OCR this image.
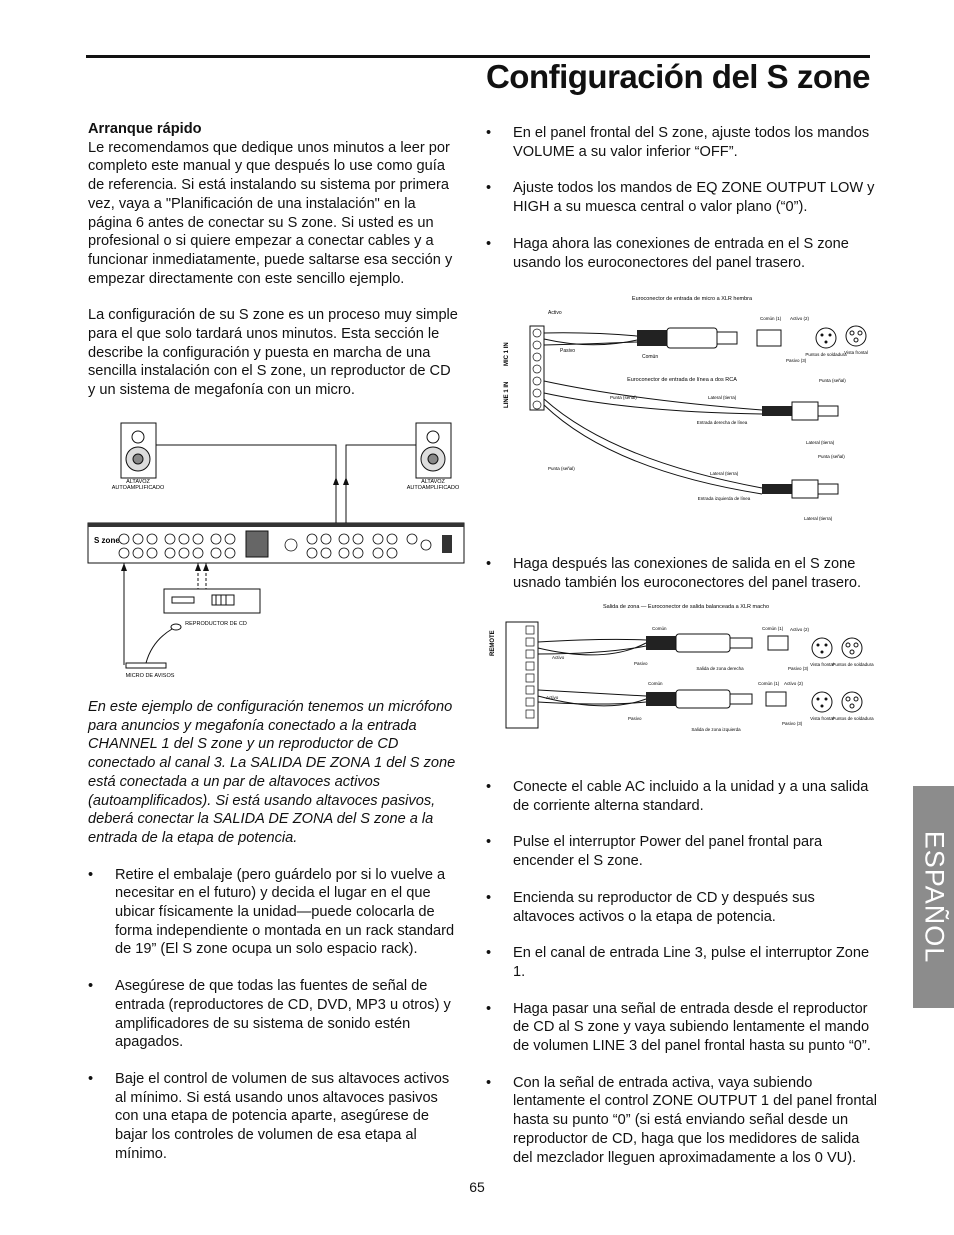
Configuración del S zone

Arranque rápido

Le recomendamos que dedique unos minutos a leer por completo este manual y que después lo use como guía de referencia. Si está instalando su sistema por primera vez, vaya a "Planificación de una instalación" en la página 6 antes de conectar su S zone. Si usted es un profesional o si quiere empezar a conectar cables y a funcionar inmediatamente, puede saltarse esa sección y empezar directamente con este sencillo ejemplo.

La configuración de su S zone es un proceso muy simple para el que solo tardará unos minutos. Esta sección le describe la configuración y puesta en marcha de una sencilla instalación con el S zone, un reproductor de CD y un sistema de megafonía con un micro.

ALTAVOZ AUTOAMPLIFICADO
ALTAVOZ AUTOAMPLIFICADO
S zone
REPRODUCTOR DE CD
MICRO DE AVISOS

En este ejemplo de configuración tenemos un micrófono para anuncios y megafonía conectado a la entrada CHANNEL 1 del S zone y un reproductor de CD conectado al canal 3. La SALIDA DE ZONA 1 del S zone está conectada a un par de altavoces activos (autoamplificados). Si está usando altavoces pasivos, deberá conectar la SALIDA DE ZONA del S zone a la entrada de la etapa de potencia.

• Retire el embalaje (pero guárdelo por si lo vuelve a necesitar en el futuro) y decida el lugar en el que ubicar físicamente la unidad—puede colocarla de forma independiente o montada en un rack standard de 19” (El S zone ocupa un solo espacio rack).

• Asegúrese de que todas las fuentes de señal de entrada (reproductores de CD, DVD, MP3 u otros) y amplificadores de su sistema de sonido estén apagados.

• Baje el control de volumen de sus altavoces activos al mínimo. Si está usando unos altavoces pasivos con una etapa de potencia aparte, asegúrese de bajar los controles de volumen de esa etapa al mínimo.
• En el panel frontal del S zone, ajuste todos los mandos VOLUME a su valor inferior “OFF”.

• Ajuste todos los mandos de EQ ZONE OUTPUT LOW y HIGH a su muesca central o valor plano (“0”).

• Haga ahora las conexiones de entrada en el S zone usando los euroconectores del panel trasero.
Euroconector de entrada de micro a XLR hembra
MIC 1 IN
LINE 1 IN
Activo
Pasivo
Común
Común (1) Activo (2)
Pasivo (3)
Puntos de soldadura
Vista frontal
Euroconector de entrada de línea a dos RCA	Punta (señal)
Punta (señal)	Lateral (tierra)
Entrada derecha de línea
Lateral (tierra)
Punta (señal)
Punta (señal)
Lateral (tierra)
Entrada izquierda de línea
Lateral (tierra)
• Haga después las conexiones de salida en el S zone usnado también los euroconectores del panel trasero.
Salida de zona — Euroconector de salida balanceada a XLR macho
REMOTE
Común	Común (1) Activo (2)
Activo
Pasivo
Salida de zona derecha	Pasivo (3)
Vista frontal
Puntos de soldadura
Común	Común (1) Activo (2)
Activo
Pasivo
Salida de zona izquierda
Pasivo (3)
Vista frontal
Puntos de soldadura
• Conecte el cable AC incluido a la unidad y a una salida de corriente alterna standard.

• Pulse el interruptor Power del panel frontal para encender el S zone.

• Encienda su reproductor de CD y después sus altavoces activos o la etapa de potencia.

• En el canal de entrada Line 3, pulse el interruptor Zone 1.

• Haga pasar una señal de entrada desde el reproductor de CD al S zone y vaya subiendo lentamente el mando de volumen LINE 3 del panel frontal hasta su punto “0”.

• Con la señal de entrada activa, vaya subiendo lentamente el control ZONE OUTPUT 1 del panel frontal hasta su punto “0” (si está enviando señal desde un reproductor de CD, haga que los medidores de salida del mezclador lleguen aproximadamente a los 0 VU).
ESPAÑOL
65
